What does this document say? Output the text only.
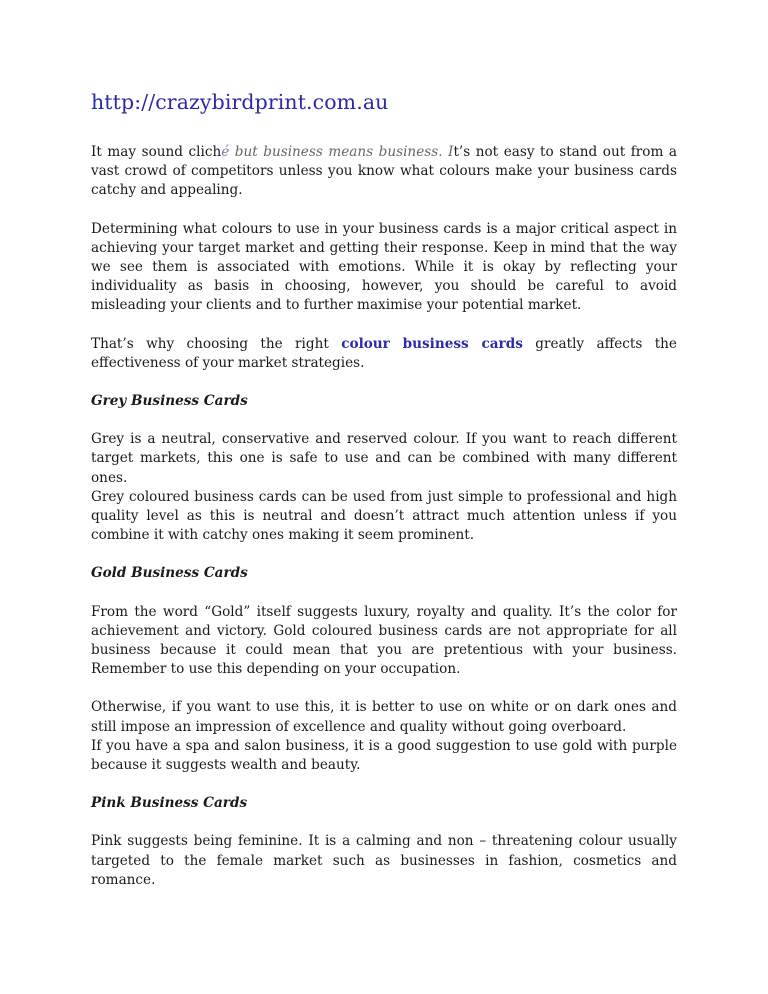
http://crazybirdprint.com.au

It may sound cliché but business means business. It’s not easy to stand out from a vast crowd of competitors unless you know what colours make your business cards catchy and appealing.

Determining what colours to use in your business cards is a major critical aspect in achieving your target market and getting their response. Keep in mind that the way we see them is associated with emotions. While it is okay by reflecting your individuality as basis in choosing, however, you should be careful to avoid misleading your clients and to further maximise your potential market.

That’s why choosing the right colour business cards greatly affects the effectiveness of your market strategies.

Grey Business Cards

Grey is a neutral, conservative and reserved colour. If you want to reach different target markets, this one is safe to use and can be combined with many different ones.

Grey coloured business cards can be used from just simple to professional and high quality level as this is neutral and doesn’t attract much attention unless if you combine it with catchy ones making it seem prominent.

Gold Business Cards

From the word “Gold” itself suggests luxury, royalty and quality. It’s the color for achievement and victory. Gold coloured business cards are not appropriate for all business because it could mean that you are pretentious with your business. Remember to use this depending on your occupation.

Otherwise, if you want to use this, it is better to use on white or on dark ones and still impose an impression of excellence and quality without going overboard.

If you have a spa and salon business, it is a good suggestion to use gold with purple because it suggests wealth and beauty.

Pink Business Cards

Pink suggests being feminine. It is a calming and non – threatening colour usually targeted to the female market such as businesses in fashion, cosmetics and romance.
